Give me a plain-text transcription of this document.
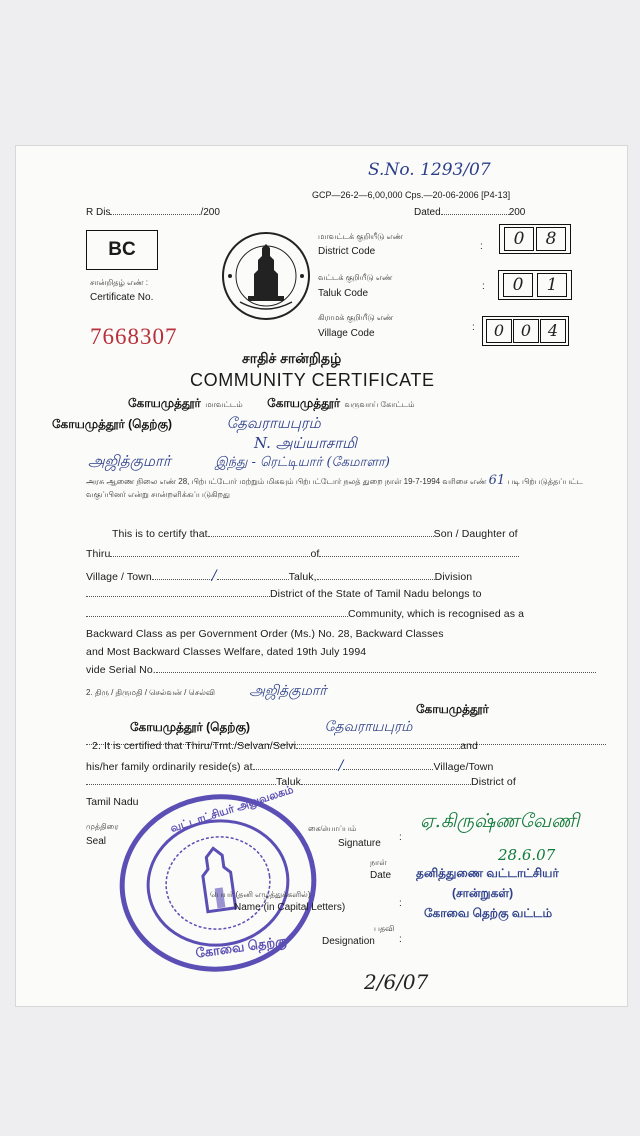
S.No. 1293/07
GCP—26-2—6,00,000 Cps.—20-06-2006 [P4-13]
R Dis	/200	Dated	200
BC
சான்றிதழ் எண் :
Certificate No.
7668307
மாவட்டக் குறியீடு எண்
District Code	:	0	8
வட்டக் குறியீடு எண்
Taluk Code
:	0	1
கிராமக் குறியீடு எண்
Village Code
:	0	0	4
சாதிச் சான்றிதழ்
COMMUNITY CERTIFICATE
கோயமுத்தூர் மாவட்டம் கோயமுத்தூர் வருவாய் கோட்டம்
கோயமுத்தூர் (தெற்கு)	தேவராயபுரம்
N. அய்யாசாமி
அஜித்குமார்	இந்து - ரெட்டியார் (கேமாளா)
அரசு ஆணை நிலை எண் 28, பிற்பட்டோர் மற்றும் மிகவும் பிற்பட்டோர் நலத் துறை நாள் 19-7-1994 வரிசை எண் 61 படி பிற்படுத்தப்பட்ட வகுப்பினர் என்று சான்றளிக்கப்படுகிறது
This is to certify that	Son / Daughter of
Thiru	of
Village / Town	/	Taluk,	Division
District of the State of Tamil Nadu belongs to
Community, which is recognised as a
Backward Class as per Government Order (Ms.) No. 28, Backward Classes
and Most Backward Classes Welfare, dated 19th July 1994
vide Serial No.
2. திரு / திருமதி / செல்வன் / செல்வி அஜித்குமார்
கோயமுத்தூர்
கோயமுத்தூர் (தெற்கு)	தேவராயபுரம்
2. It is certified that Thiru/Tmt./Selvan/Selvi	and
his/her family ordinarily reside(s) at	/	Village/Town
Taluk	District of
Tamil Nadu	வட்டாட்சியர் அலுவலகம்
கோவை தெற்கு
முத்திரை
Seal
கையொப்பம்
Signature
:
ஏ.கிருஷ்ணவேணி
நாள்
Date
28.6.07
தனித்துணை வட்டாட்சியர்
(சான்றுகள்)
கோவை தெற்கு வட்டம்
பெயர் (தனி எழுத்துக்களில்)
Name (in Capital Letters)	:
பதவி
Designation :
2/6/07
